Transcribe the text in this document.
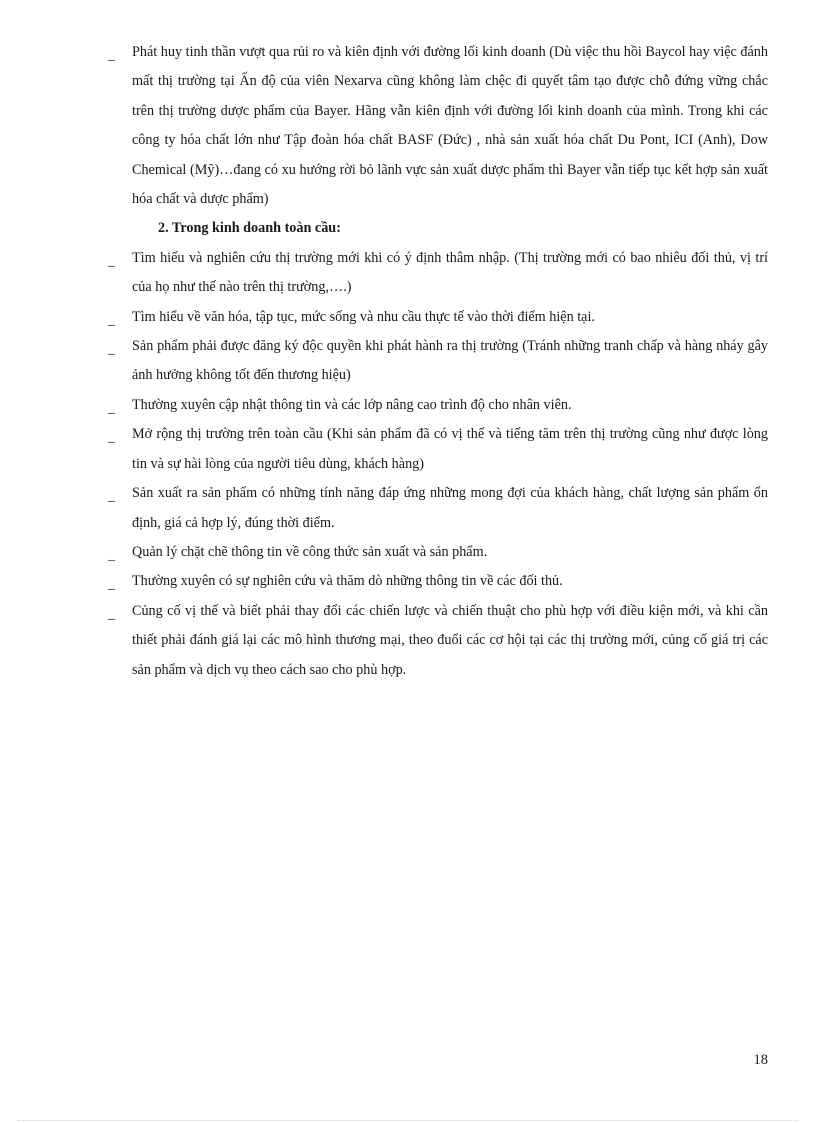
_ Phát huy tinh thần vượt qua rủi ro và kiên định với đường lối kinh doanh (Dù việc thu hồi Baycol hay việc đánh mất thị trường tại Ấn độ của viên Nexarva cũng không làm chệc đi quyết tâm tạo được chỗ đứng vững chắc trên thị trường dược phẩm của Bayer. Hãng vẫn kiên định với đường lối kinh doanh của mình. Trong khi các công ty hóa chất lớn như Tập đoàn hóa chất BASF (Đức) , nhà sản xuất hóa chất Du Pont, ICI (Anh), Dow Chemical (Mỹ)…đang có xu hướng rời bỏ lãnh vực sản xuất dược phẩm thì Bayer vẫn tiếp tục kết hợp sản xuất hóa chất và dược phẩm)
2. Trong kinh doanh toàn cầu:
_ Tìm hiểu và nghiên cứu thị trường mới khi có ý định thâm nhập. (Thị trường mới có bao nhiêu đối thủ, vị trí của họ như thế nào trên thị trường,….)
_ Tìm hiểu về văn hóa, tập tục, mức sống và nhu cầu thực tế vào thời điểm hiện tại.
_ Sản phẩm phải được đăng ký độc quyền khi phát hành ra thị trường (Tránh những tranh chấp và hàng nháy gây ảnh hưởng không tốt đến thương hiệu)
_ Thường xuyên cập nhật thông tin và các lớp nâng cao trình độ cho nhân viên.
_ Mở rộng thị trường trên toàn cầu (Khi sản phẩm đã có vị thế và tiếng tăm trên thị trường cũng như được lòng tin và sự hài lòng của người tiêu dùng, khách hàng)
_ Sản xuất ra sản phẩm có những tính năng đáp ứng những mong đợi của khách hàng, chất lượng sản phẩm ổn định, giá cả hợp lý, đúng thời điểm.
_ Quản lý chặt chẽ thông tin về công thức sản xuất và sản phẩm.
_ Thường xuyên có sự nghiên cứu và thăm dò những thông tin về các đối thủ.
_ Củng cố vị thế và biết phải thay đổi các chiến lược và chiến thuật cho phù hợp với điều kiện mới, và khi cần thiết phải đánh giá lại các mô hình thương mại, theo đuổi các cơ hội tại các thị trường mới, củng cố giá trị các sản phẩm và dịch vụ theo cách sao cho phù hợp.
18
